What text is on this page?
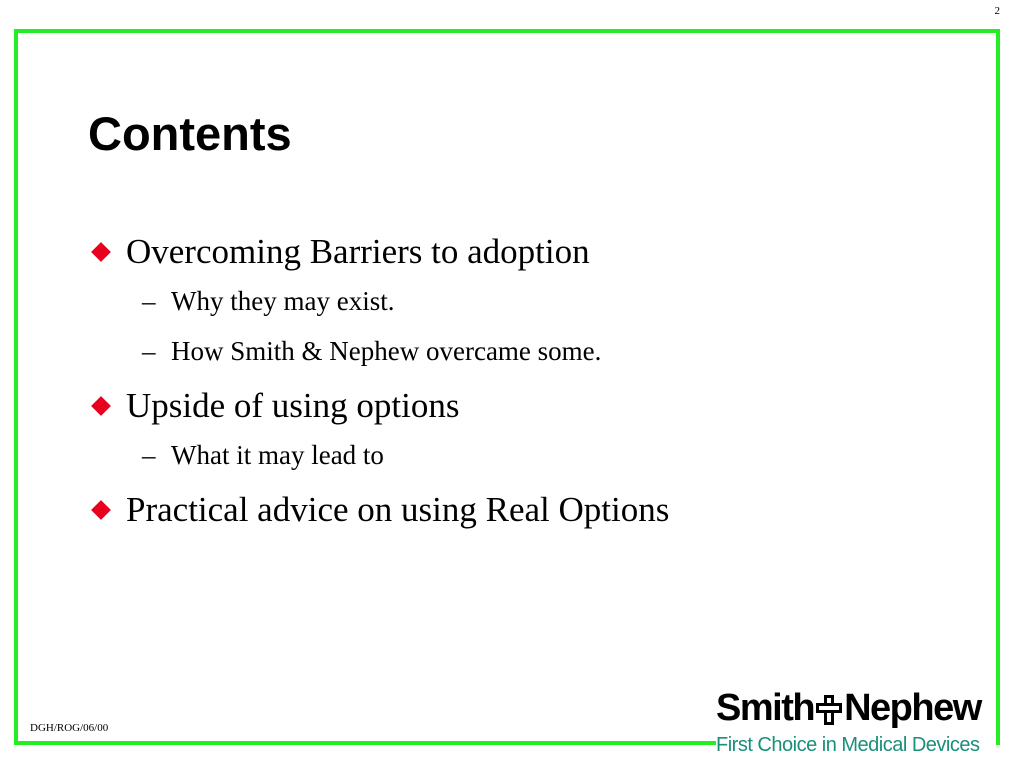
2
Contents
Overcoming Barriers to adoption
– Why they may exist.
– How Smith & Nephew overcame some.
Upside of using options
– What it may lead to
Practical advice on using Real Options
DGH/ROG/06/00	Smith Nephew
First Choice in Medical Devices
